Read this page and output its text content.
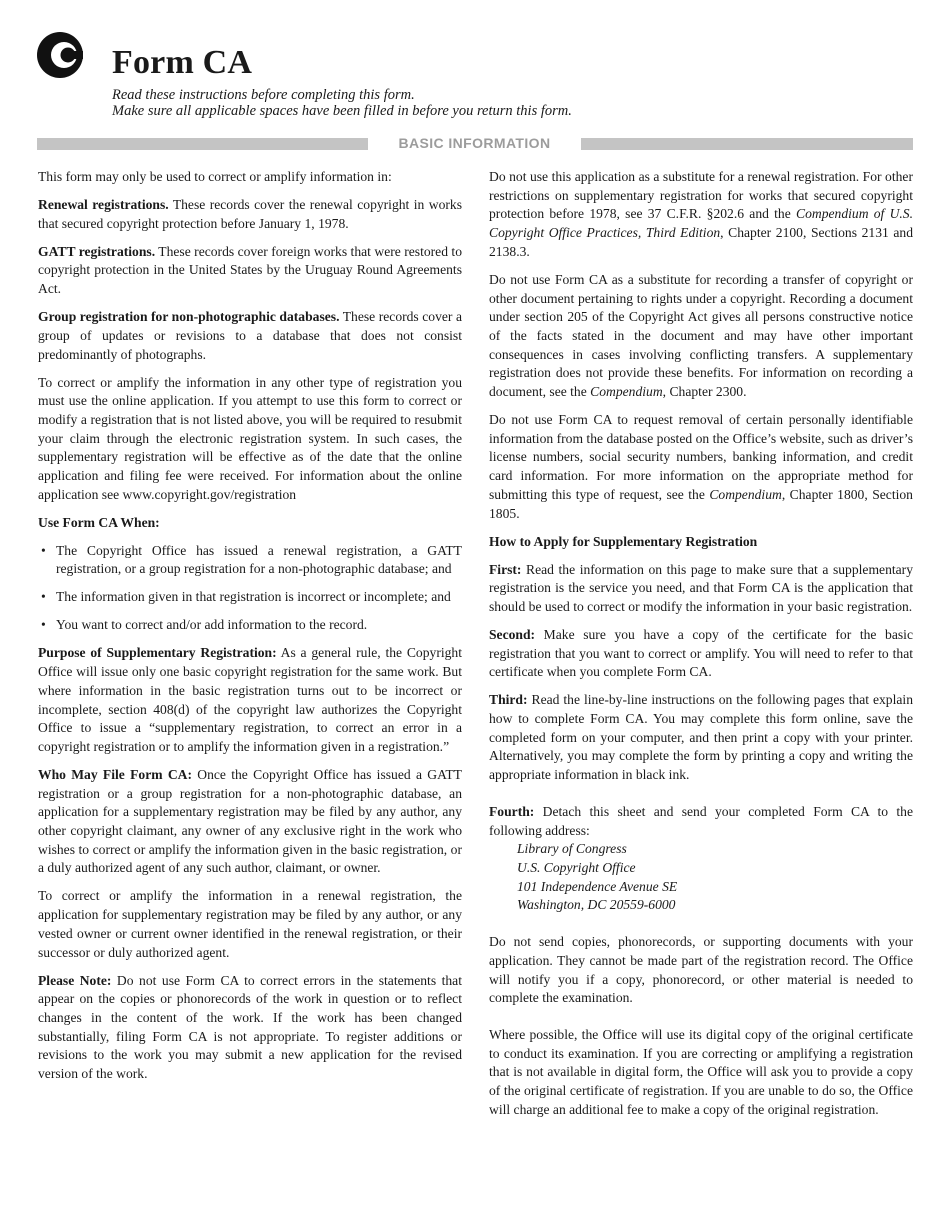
Form CA
Read these instructions before completing this form.
Make sure all applicable spaces have been filled in before you return this form.
BASIC INFORMATION

This form may only be used to correct or amplify information in:

Renewal registrations. These records cover the renewal copyright in works that secured copyright protection before January 1, 1978.

GATT registrations. These records cover foreign works that were restored to copyright protection in the United States by the Uruguay Round Agreements Act.

Group registration for non-photographic databases. These records cover a group of updates or revisions to a database that does not consist predominantly of photographs.

To correct or amplify the information in any other type of registration you must use the online application. If you attempt to use this form to correct or modify a registration that is not listed above, you will be required to resubmit your claim through the electronic registration system. In such cases, the supplementary registration will be effective as of the date that the online application and filing fee were received. For information about the online application see www.copyright.gov/registration

Use Form CA When:

• The Copyright Office has issued a renewal registration, a GATT registration, or a group registration for a non-photographic database; and
• The information given in that registration is incorrect or incomplete; and
• You want to correct and/or add information to the record.

Purpose of Supplementary Registration: As a general rule, the Copyright Office will issue only one basic copyright registration for the same work. But where information in the basic registration turns out to be incorrect or incomplete, section 408(d) of the copyright law authorizes the Copyright Office to issue a “supplementary registration, to correct an error in a copyright registration or to amplify the information given in a registration.”

Who May File Form CA: Once the Copyright Office has issued a GATT registration or a group registration for a non-photographic database, an application for a supplementary registration may be filed by any author, any other copyright claimant, any owner of any exclusive right in the work who wishes to correct or amplify the information given in the basic registration, or a duly authorized agent of any such author, claimant, or owner.

To correct or amplify the information in a renewal registration, the application for supplementary registration may be filed by any author, or any vested owner or current owner identified in the renewal registration, or their successor or duly authorized agent.

Please Note: Do not use Form CA to correct errors in the statements that appear on the copies or phonorecords of the work in question or to reflect changes in the content of the work. If the work has been changed substantially, filing Form CA is not appropriate. To register additions or revisions to the work you may submit a new application for the revised version of the work.

Do not use this application as a substitute for a renewal registration. For other restrictions on supplementary registration for works that secured copyright protection before 1978, see 37 C.F.R. §202.6 and the Compendium of U.S. Copyright Office Practices, Third Edition, Chapter 2100, Sections 2131 and 2138.3.

Do not use Form CA as a substitute for recording a transfer of copyright or other document pertaining to rights under a copyright. Recording a document under section 205 of the Copyright Act gives all persons constructive notice of the facts stated in the document and may have other important consequences in cases involving conflicting transfers. A supplementary registration does not provide these benefits. For information on recording a document, see the Compendium, Chapter 2300.

Do not use Form CA to request removal of certain personally identifiable information from the database posted on the Office’s website, such as driver’s license numbers, social security numbers, banking information, and credit card information. For more information on the appropriate method for submitting this type of request, see the Compendium, Chapter 1800, Section 1805.

How to Apply for Supplementary Registration

First: Read the information on this page to make sure that a supplementary registration is the service you need, and that Form CA is the application that should be used to correct or modify the information in your basic registration.

Second: Make sure you have a copy of the certificate for the basic registration that you want to correct or amplify. You will need to refer to that certificate when you complete Form CA.

Third: Read the line-by-line instructions on the following pages that explain how to complete Form CA. You may complete this form online, save the completed form on your computer, and then print a copy with your printer. Alternatively, you may complete the form by printing a copy and writing the appropriate information in black ink.

Fourth: Detach this sheet and send your completed Form CA to the following address:

Library of Congress
U.S. Copyright Office
101 Independence Avenue SE
Washington, DC 20559-6000

Do not send copies, phonorecords, or supporting documents with your application. They cannot be made part of the registration record. The Office will notify you if a copy, phonorecord, or other material is needed to complete the examination.

Where possible, the Office will use its digital copy of the original certificate to conduct its examination. If you are correcting or amplifying a registration that is not available in digital form, the Office will ask you to provide a copy of the original certificate of registration. If you are unable to do so, the Office will charge an additional fee to make a copy of the original registration.
